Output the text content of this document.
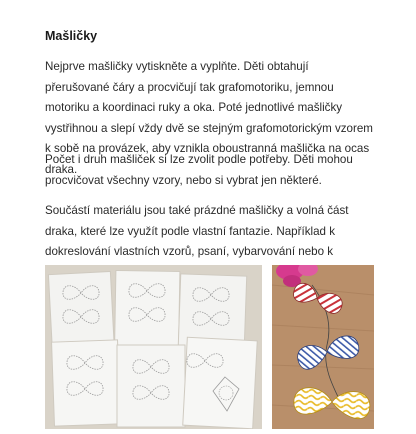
Mašličky

Nejprve mašličky vytiskněte a vyplňte. Děti obtahují přerušované čáry a procvičují tak grafomotoriku, jemnou motoriku a koordinaci ruky a oka. Poté jednotlivé mašličky vystřihnou a slepí vždy dvě se stejným grafomotorickým vzorem k sobě na provázek, aby vznikla oboustranná mašlička na ocas draka.

Počet i druh mašliček si lze zvolit podle potřeby. Děti mohou procvičovat všechny vzory, nebo si vybrat jen některé.

Součástí materiálu jsou také prázdné mašličky a volná část draka, které lze využít podle vlastní fantazie. Například k dokreslování vlastních vzorů, psaní, vybarvování nebo k
